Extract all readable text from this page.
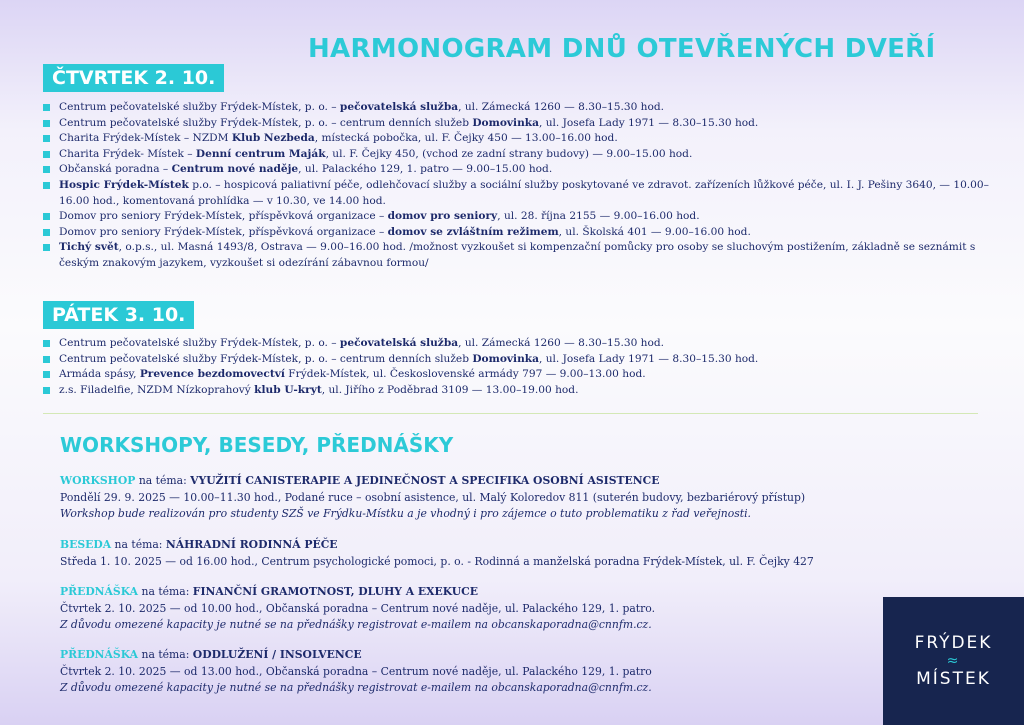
HARMONOGRAM DNŮ OTEVŘENÝCH DVEŘÍ
ČTVRTEK 2. 10.
Centrum pečovatelské služby Frýdek-Místek, p. o. – pečovatelská služba, ul. Zámecká 1260 — 8.30–15.30 hod.
Centrum pečovatelské služby Frýdek-Místek, p. o. – centrum denních služeb Domovinka, ul. Josefa Lady 1971 — 8.30–15.30 hod.
Charita Frýdek-Místek – NZDM Klub Nezbeda, místecká pobočka, ul. F. Čejky 450 — 13.00–16.00 hod.
Charita Frýdek- Místek – Denní centrum Maják, ul. F. Čejky 450, (vchod ze zadní strany budovy) — 9.00–15.00 hod.
Občanská poradna – Centrum nové naděje, ul. Palackého 129, 1. patro — 9.00–15.00 hod.
Hospic Frýdek-Místek p.o. – hospicová paliativní péče, odlehčovací služby a sociální služby poskytované ve zdravot. zařízeních lůžkové péče, ul. I. J. Pešiny 3640, — 10.00–16.00 hod., komentovaná prohlídka — v 10.30, ve 14.00 hod.
Domov pro seniory Frýdek-Místek, příspěvková organizace – domov pro seniory, ul. 28. října 2155 — 9.00–16.00 hod.
Domov pro seniory Frýdek-Místek, příspěvková organizace – domov se zvláštním režimem, ul. Školská 401 — 9.00–16.00 hod.
Tichý svět, o.p.s., ul. Masná 1493/8, Ostrava — 9.00–16.00 hod. /možnost vyzkoušet si kompenzační pomůcky pro osoby se sluchovým postižením, základně se seznámit s českým znakovým jazykem, vyzkoušet si odezírání zábavnou formou/
PÁTEK 3. 10.
Centrum pečovatelské služby Frýdek-Místek, p. o. – pečovatelská služba, ul. Zámecká 1260 — 8.30–15.30 hod.
Centrum pečovatelské služby Frýdek-Místek, p. o. – centrum denních služeb Domovinka, ul. Josefa Lady 1971 — 8.30–15.30 hod.
Armáda spásy, Prevence bezdomovectví Frýdek-Místek, ul. Československé armády 797 — 9.00–13.00 hod.
z.s. Filadelfie, NZDM Nízkoprahový klub U-kryt, ul. Jiřího z Poděbrad 3109 — 13.00–19.00 hod.
WORKSHOPY, BESEDY, PŘEDNÁŠKY
WORKSHOP na téma: VYUŽITÍ CANISTERAPIE A JEDINEČNOST A SPECIFIKA OSOBNÍ ASISTENCE
Pondělí 29. 9. 2025 — 10.00–11.30 hod., Podané ruce – osobní asistence, ul. Malý Koloredov 811 (suterén budovy, bezbariérový přístup)
Workshop bude realizován pro studenty SZŠ ve Frýdku-Místku a je vhodný i pro zájemce o tuto problematiku z řad veřejnosti.
BESEDA na téma: NÁHRADNÍ RODINNÁ PÉČE
Středa 1. 10. 2025 — od 16.00 hod., Centrum psychologické pomoci, p. o. - Rodinná a manželská poradna Frýdek-Místek, ul. F. Čejky 427
PŘEDNÁŠKA na téma: FINANČNÍ GRAMOTNOST, DLUHY A EXEKUCE
Čtvrtek 2. 10. 2025 — od 10.00 hod., Občanská poradna – Centrum nové naděje, ul. Palackého 129, 1. patro.
Z důvodu omezené kapacity je nutné se na přednášky registrovat e-mailem na obcanskaporadna@cnnfm.cz.
PŘEDNÁŠKA na téma: ODDLUŽENÍ / INSOLVENCE
Čtvrtek 2. 10. 2025 — od 13.00 hod., Občanská poradna – Centrum nové naděje, ul. Palackého 129, 1. patro
Z důvodu omezené kapacity je nutné se na přednášky registrovat e-mailem na obcanskaporadna@cnnfm.cz.
FRÝDEK
≈
MÍSTEK
